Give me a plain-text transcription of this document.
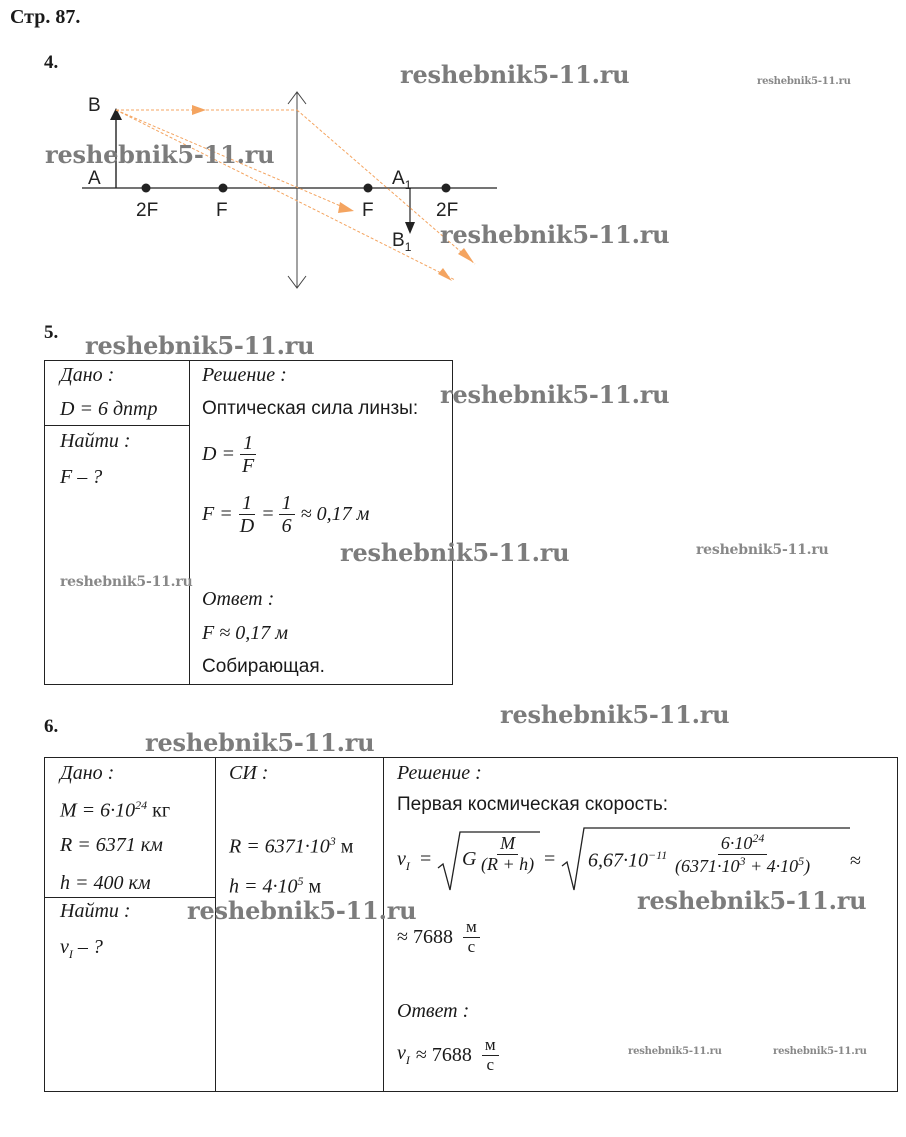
Стр. 87.
4.
B
A
2F	F	F	2F
$A_1$
$B_1$
reshebnik5-11.ru	reshebnik5-11.ru
reshebnik5-11.ru
reshebnik5-11.ru
5. reshebnik5-11.ru
Дано :
D = 6 дптр
Найти :
F – ?
Решение :
Оптическая сила линзы:
$D = \frac{1}{F}$
$F = \frac{1}{D} = \frac{1}{6} \approx 0,17$ м
reshebnik5-11.ru	reshebnik5-11.ru
reshebnik5-11.ru
reshebnik5-11.ru
Ответ :
F ≈ 0,17 м
Собирающая.
6.	reshebnik5-11.ru
reshebnik5-11.ru
Дано :
$M = 6\cdot 10^{24}$ кг
R = 6371 км
h = 400 км
Найти :
$v_I$ – ?
СИ :
$R = 6371\cdot 10^3$ м
$h = 4\cdot 10^5$ м
Решение :
Первая космическая скорость:
$v_I = G \frac{M}{(R + h)} = 6,67\cdot 10^{-11} \frac{6\cdot 10^{24}}{(6371\cdot 10^3 + 4\cdot 10^5)}$ ≈
reshebnik5-11.ru	reshebnik5-11.ru
≈ $7688 \frac{м}{с}$
Ответ :
$v_I \approx 7688 \frac{м}{с}$	reshebnik5-11.ru	reshebnik5-11.ru
